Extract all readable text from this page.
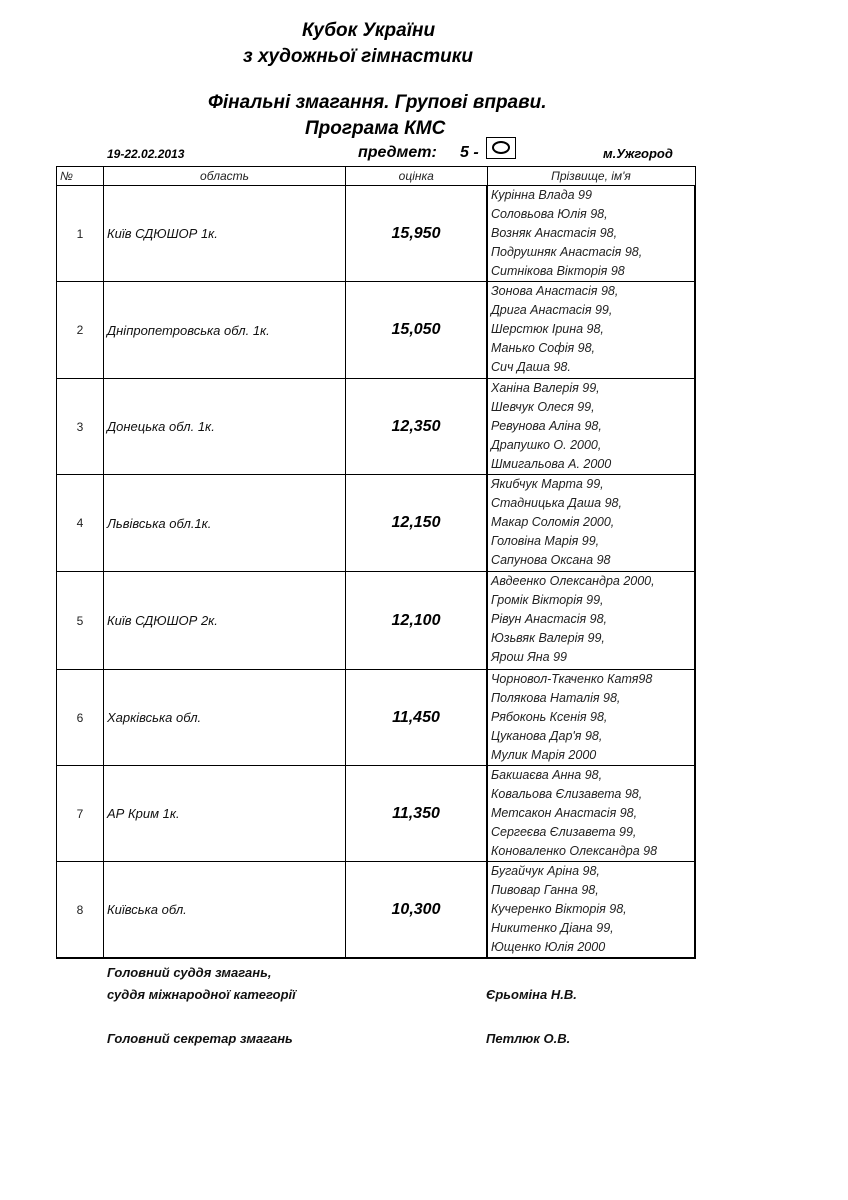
Кубок України
з художньої гімнастики
Фінальні змагання. Групові вправи.
Програма КМС
19-22.02.2013	предмет: 5 -	м.Ужгород
№	область	оцінка	Прізвище, ім'я
1	Київ СДЮШОР 1к.	15,950	Курінна Влада 99
Соловьова Юлія 98,
Возняк Анастасія 98,
Подрушняк Анастасія 98,
Ситнікова Вікторія 98

2	Дніпропетровська обл. 1к.	15,050	Зонова Анастасія 98,
Дрига Анастасія 99,
Шерстюк Ірина 98,
Манько Софія 98,
Сич Даша 98.

3	Донецька обл. 1к.	12,350	Ханіна Валерія 99,
Шевчук Олеся 99,
Ревунова Аліна 98,
Драпушко О. 2000,
Шмигальова А. 2000

4	Львівська обл.1к.	12,150	Якибчук Марта 99,
Стадницька Даша 98,
Макар Соломія 2000,
Головіна Марія 99,
Сапунова Оксана 98

5	Київ СДЮШОР 2к.	12,100	Авдеенко Олександра 2000,
Громік Вікторія 99,
Рівун Анастасія 98,
Юзьвяк Валерія 99,
Ярош Яна 99

6	Харківська обл.	11,450	Чорновол-Ткаченко Катя98
Полякова Наталія 98,
Рябоконь Ксенія 98,
Цуканова Дар'я 98,
Мулик Марія 2000

7	АР Крим 1к.	11,350	Бакшаєва Анна 98,
Ковальова Єлизавета 98,
Метсакон Анастасія 98,
Сергеєва Єлизавета 99,
Коноваленко Олександра 98

8	Київська обл.	10,300	Бугайчук Аріна 98,
Пивовар Ганна 98,
Кучеренко Вікторія 98,
Никитенко Діана 99,
Ющенко Юлія 2000
Головний суддя змагань,
суддя міжнародної категорії	Єрьоміна Н.В.
Головний секретар змагань	Петлюк О.В.
